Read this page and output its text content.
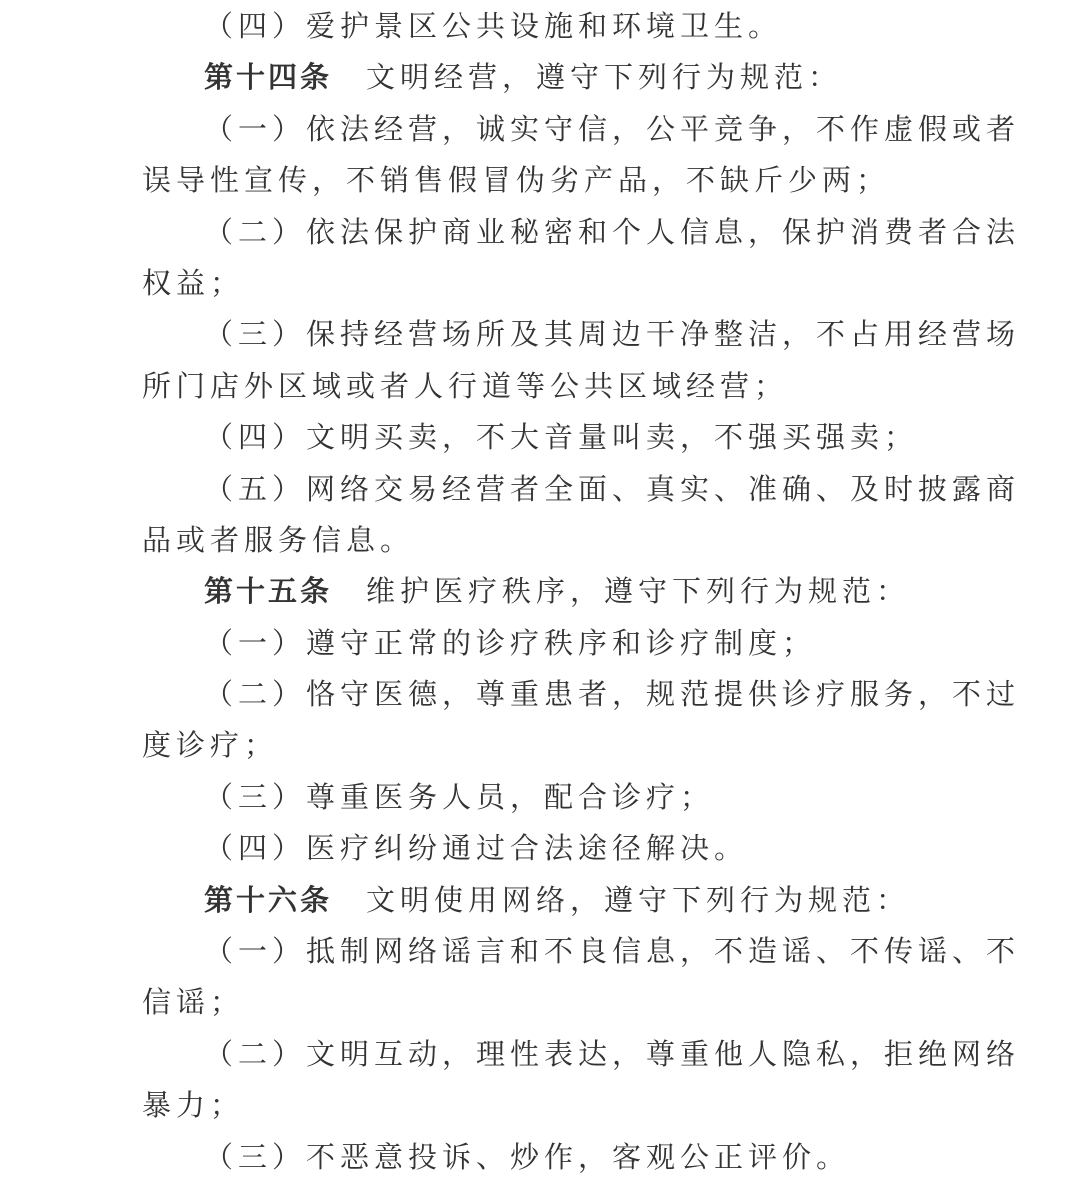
（四）爱护景区公共设施和环境卫生。
第十四条 文明经营，遵守下列行为规范：
（一）依法经营，诚实守信，公平竞争，不作虚假或者
误导性宣传，不销售假冒伪劣产品，不缺斤少两；
（二）依法保护商业秘密和个人信息，保护消费者合法
权益；
（三）保持经营场所及其周边干净整洁，不占用经营场
所门店外区域或者人行道等公共区域经营；
（四）文明买卖，不大音量叫卖，不强买强卖；
（五）网络交易经营者全面、真实、准确、及时披露商
品或者服务信息。
第十五条 维护医疗秩序，遵守下列行为规范：
（一）遵守正常的诊疗秩序和诊疗制度；
（二）恪守医德，尊重患者，规范提供诊疗服务，不过
度诊疗；
（三）尊重医务人员，配合诊疗；
（四）医疗纠纷通过合法途径解决。
第十六条 文明使用网络，遵守下列行为规范：
（一）抵制网络谣言和不良信息，不造谣、不传谣、不
信谣；
（二）文明互动，理性表达，尊重他人隐私，拒绝网络
暴力；
（三）不恶意投诉、炒作，客观公正评价。
